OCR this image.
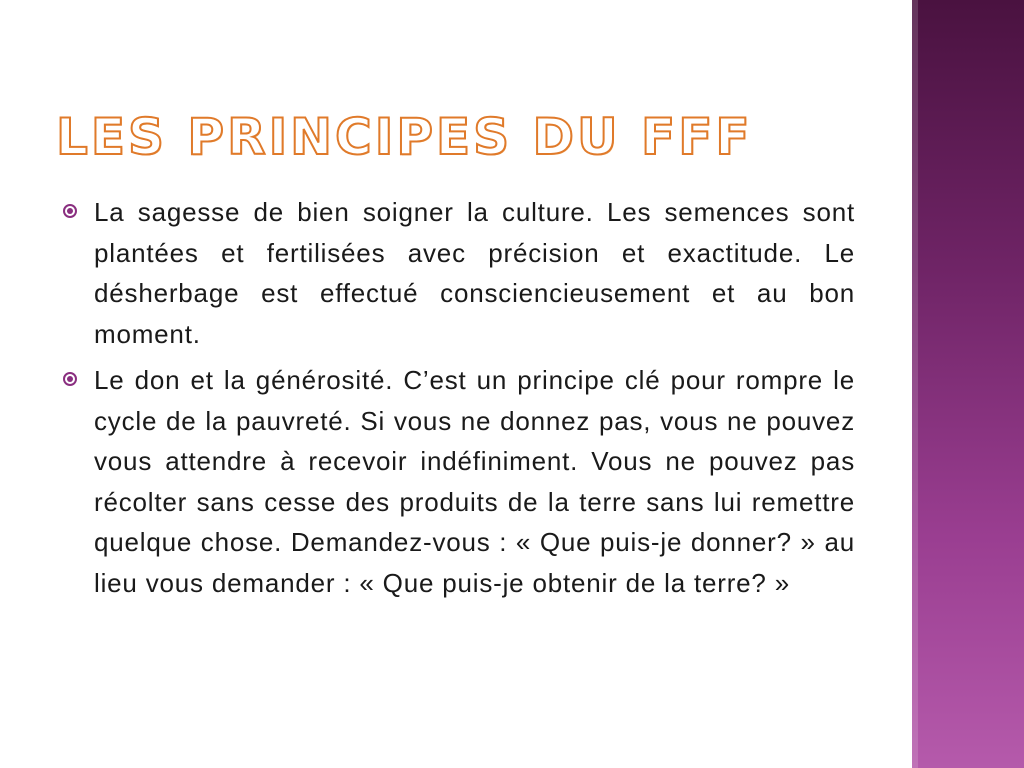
LES PRINCIPES DU FFF
La sagesse de bien soigner la culture. Les semences sont plantées et fertilisées avec précision et exactitude. Le désherbage est effectué consciencieusement et au bon moment.
Le don et la générosité. C’est un principe clé pour rompre le cycle de la pauvreté. Si vous ne donnez pas, vous ne pouvez vous attendre à recevoir indéfiniment. Vous ne pouvez pas récolter sans cesse des produits de la terre sans lui remettre quelque chose. Demandez-vous : « Que puis-je donner? » au lieu vous demander : « Que puis-je obtenir de la terre? »
